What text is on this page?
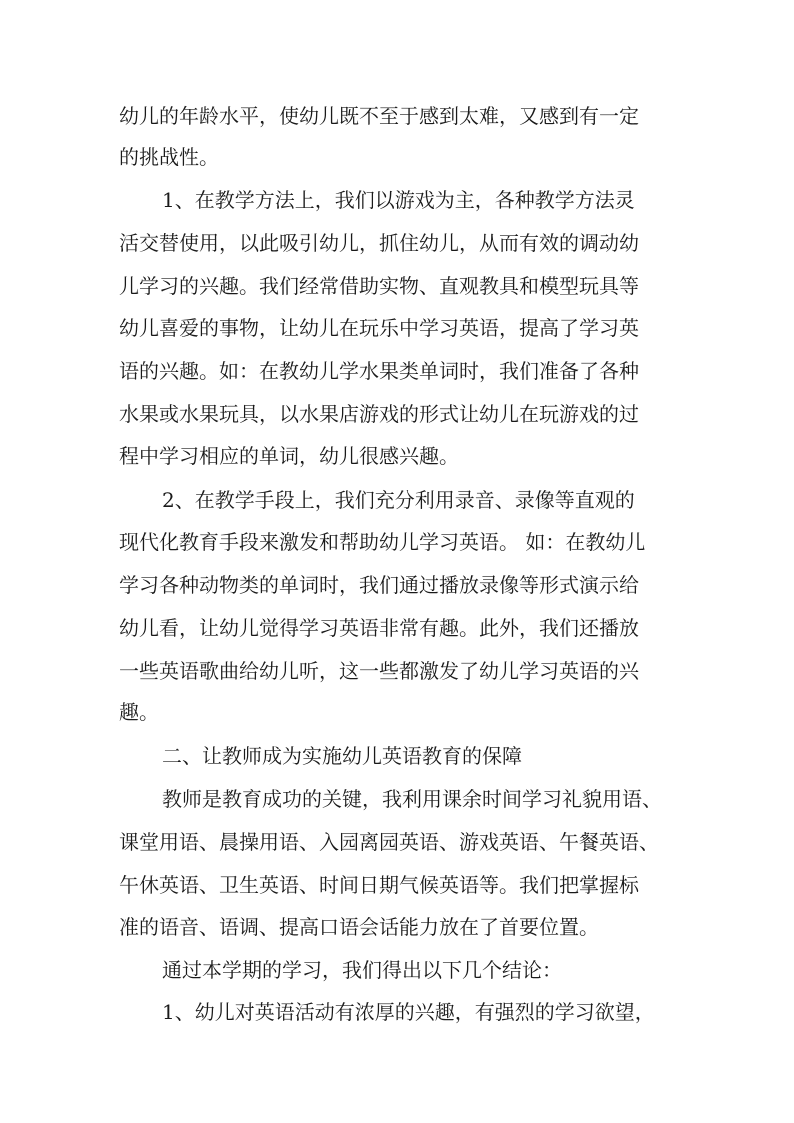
幼儿的年龄水平，使幼儿既不至于感到太难，又感到有一定

的挑战性。

1、在教学方法上，我们以游戏为主，各种教学方法灵

活交替使用，以此吸引幼儿，抓住幼儿，从而有效的调动幼

儿学习的兴趣。我们经常借助实物、直观教具和模型玩具等

幼儿喜爱的事物，让幼儿在玩乐中学习英语，提高了学习英

语的兴趣。如：在教幼儿学水果类单词时，我们准备了各种

水果或水果玩具，以水果店游戏的形式让幼儿在玩游戏的过

程中学习相应的单词，幼儿很感兴趣。

2、在教学手段上，我们充分利用录音、录像等直观的

现代化教育手段来激发和帮助幼儿学习英语。 如：在教幼儿

学习各种动物类的单词时，我们通过播放录像等形式演示给

幼儿看，让幼儿觉得学习英语非常有趣。此外，我们还播放

一些英语歌曲给幼儿听，这一些都激发了幼儿学习英语的兴

趣。

二、让教师成为实施幼儿英语教育的保障

教师是教育成功的关键，我利用课余时间学习礼貌用语、

课堂用语、晨操用语、入园离园英语、游戏英语、午餐英语、

午休英语、卫生英语、时间日期气候英语等。我们把掌握标

准的语音、语调、提高口语会话能力放在了首要位置。

通过本学期的学习，我们得出以下几个结论：

1、幼儿对英语活动有浓厚的兴趣，有强烈的学习欲望，
